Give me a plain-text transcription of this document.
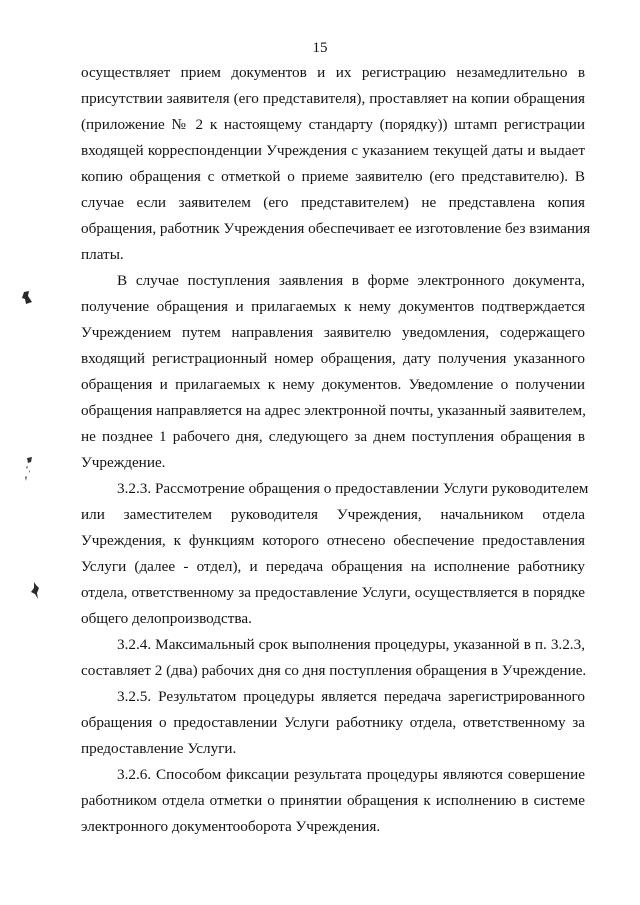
15
осуществляет прием документов и их регистрацию незамедлительно в
присутствии заявителя (его представителя), проставляет на копии обращения
(приложение № 2 к настоящему стандарту (порядку)) штамп регистрации
входящей корреспонденции Учреждения с указанием текущей даты и выдает
копию обращения с отметкой о приеме заявителю (его представителю). В
случае если заявителем (его представителем) не представлена копия
обращения, работник Учреждения обеспечивает ее изготовление без взимания
платы.
В случае поступления заявления в форме электронного документа,
получение обращения и прилагаемых к нему документов подтверждается
Учреждением путем направления заявителю уведомления, содержащего
входящий регистрационный номер обращения, дату получения указанного
обращения и прилагаемых к нему документов. Уведомление о получении
обращения направляется на адрес электронной почты, указанный заявителем,
не позднее 1 рабочего дня, следующего за днем поступления обращения в
Учреждение.
3.2.3. Рассмотрение обращения о предоставлении Услуги руководителем
или заместителем руководителя Учреждения, начальником отдела
Учреждения, к функциям которого отнесено обеспечение предоставления
Услуги (далее - отдел), и передача обращения на исполнение работнику
отдела, ответственному за предоставление Услуги, осуществляется в порядке
общего делопроизводства.
3.2.4. Максимальный срок выполнения процедуры, указанной в п. 3.2.3,
составляет 2 (два) рабочих дня со дня поступления обращения в Учреждение.
3.2.5. Результатом процедуры является передача зарегистрированного
обращения о предоставлении Услуги работнику отдела, ответственному за
предоставление Услуги.
3.2.6. Способом фиксации результата процедуры являются совершение
работником отдела отметки о принятии обращения к исполнению в системе
электронного документооборота Учреждения.
